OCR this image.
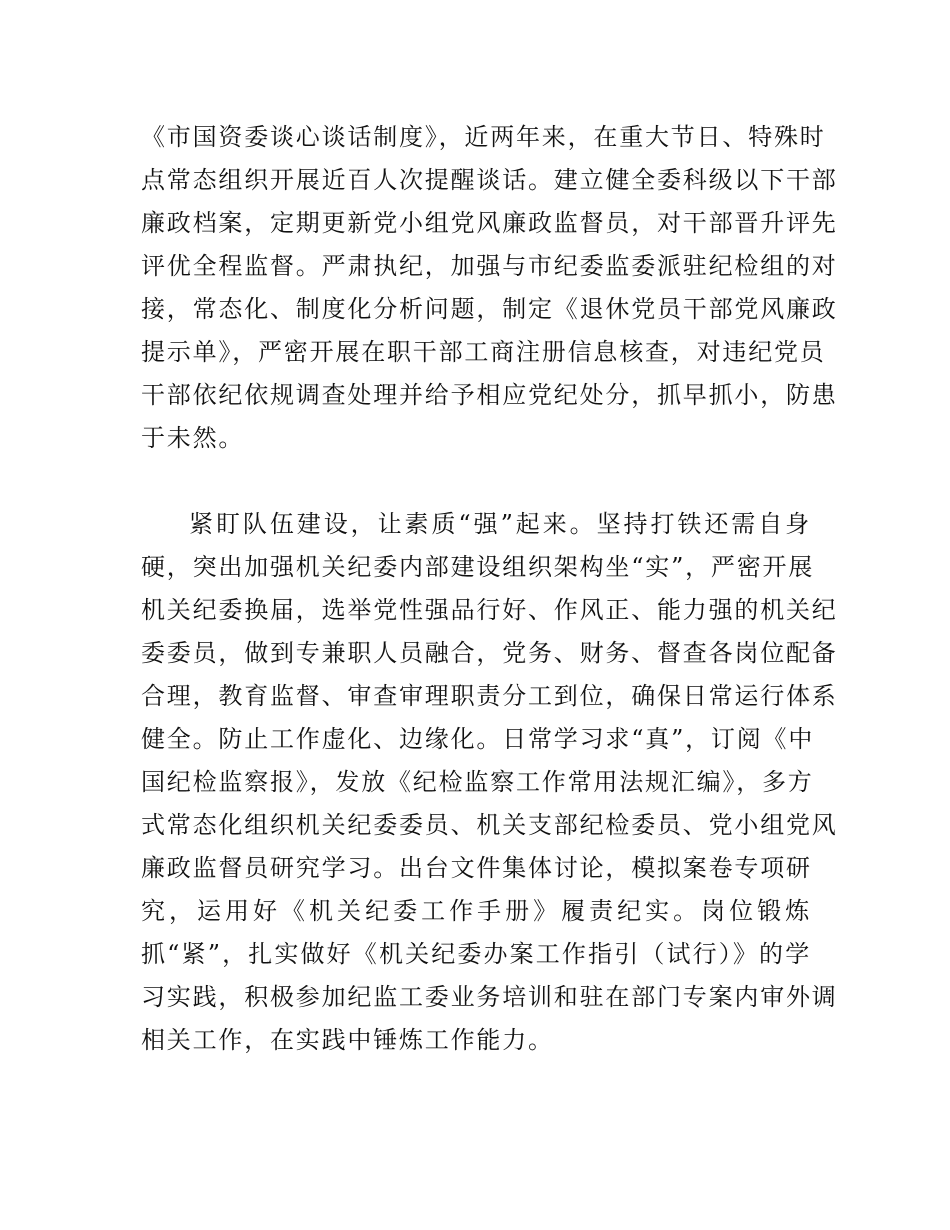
《市国资委谈心谈话制度》，近两年来，在重大节日、特殊时
点常态组织开展近百人次提醒谈话。建立健全委科级以下干部
廉政档案，定期更新党小组党风廉政监督员，对干部晋升评先
评优全程监督。严肃执纪，加强与市纪委监委派驻纪检组的对
接，常态化、制度化分析问题，制定《退休党员干部党风廉政
提示单》，严密开展在职干部工商注册信息核查，对违纪党员
干部依纪依规调查处理并给予相应党纪处分，抓早抓小，防患
于未然。
紧盯队伍建设，让素质“强”起来。坚持打铁还需自身
硬，突出加强机关纪委内部建设组织架构坐“实”，严密开展
机关纪委换届，选举党性强品行好、作风正、能力强的机关纪
委委员，做到专兼职人员融合，党务、财务、督查各岗位配备
合理，教育监督、审查审理职责分工到位，确保日常运行体系
健全。防止工作虚化、边缘化。日常学习求“真”，订阅《中
国纪检监察报》，发放《纪检监察工作常用法规汇编》，多方
式常态化组织机关纪委委员、机关支部纪检委员、党小组党风
廉政监督员研究学习。出台文件集体讨论，模拟案卷专项研
究，运用好《机关纪委工作手册》履责纪实。岗位锻炼
抓“紧”，扎实做好《机关纪委办案工作指引（试行）》的学
习实践，积极参加纪监工委业务培训和驻在部门专案内审外调
相关工作，在实践中锤炼工作能力。
